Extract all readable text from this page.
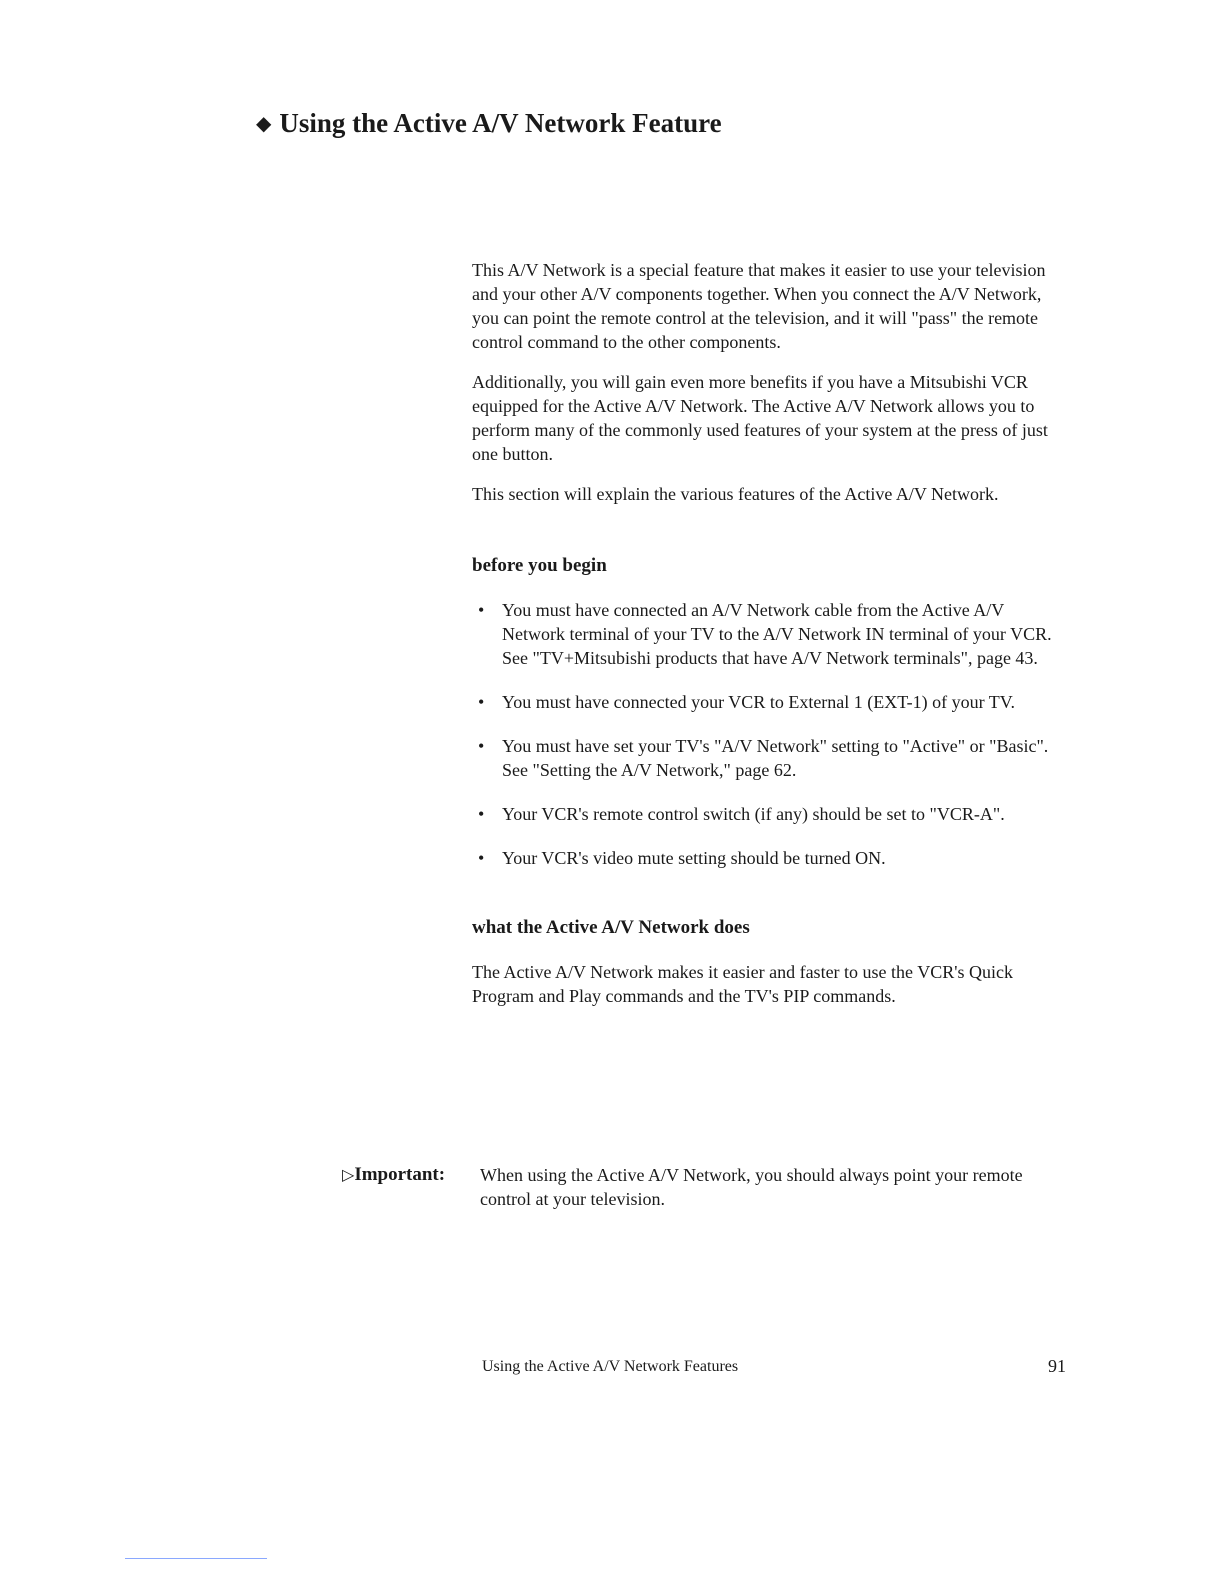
◆ Using the Active A/V Network Feature

This A/V Network is a special feature that makes it easier to use your television and your other A/V components together. When you connect the A/V Network, you can point the remote control at the television, and it will "pass" the remote control command to the other components.

Additionally, you will gain even more benefits if you have a Mitsubishi VCR equipped for the Active A/V Network. The Active A/V Network allows you to perform many of the commonly used features of your system at the press of just one button.

This section will explain the various features of the Active A/V Network.

before you begin
• You must have connected an A/V Network cable from the Active A/V Network terminal of your TV to the A/V Network IN terminal of your VCR. See "TV+Mitsubishi products that have A/V Network terminals", page 43.
• You must have connected your VCR to External 1 (EXT-1) of your TV.
• You must have set your TV's "A/V Network" setting to "Active" or "Basic". See "Setting the A/V Network," page 62.
• Your VCR's remote control switch (if any) should be set to "VCR-A".
• Your VCR's video mute setting should be turned ON.
what the Active A/V Network does

The Active A/V Network makes it easier and faster to use the VCR's Quick Program and Play commands and the TV's PIP commands.

▷Important: When using the Active A/V Network, you should always point your remote control at your television.
Using the Active A/V Network Features	91
